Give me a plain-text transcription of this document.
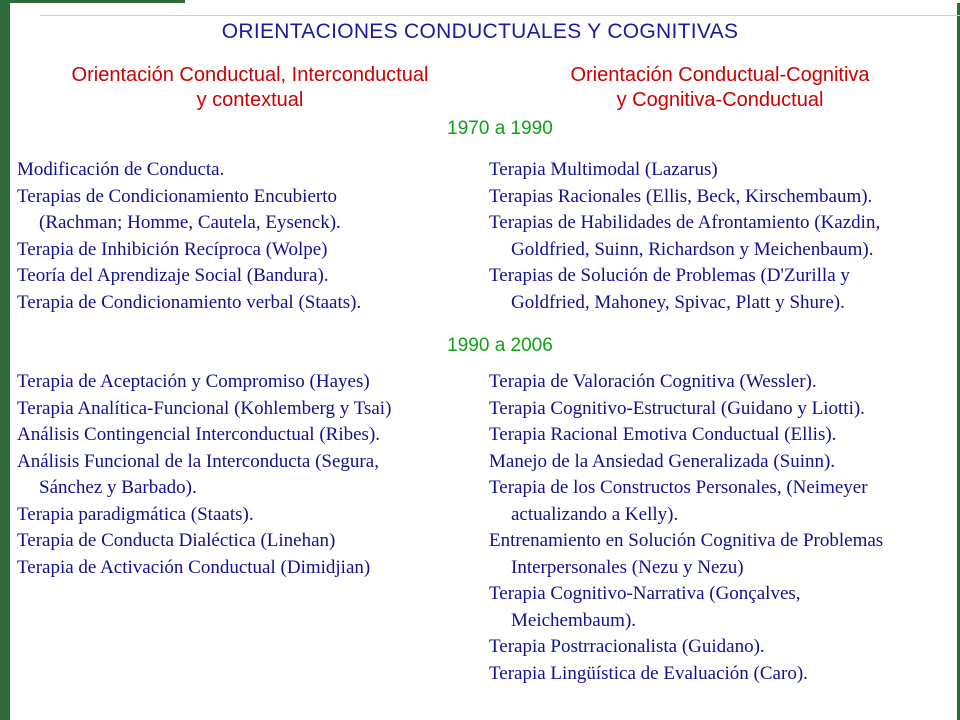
ORIENTACIONES CONDUCTUALES Y COGNITIVAS
Orientación Conductual, Interconductual
y contextual
Orientación Conductual-Cognitiva
y Cognitiva-Conductual
1970 a 1990
1990 a 2006
Modificación de Conducta.
Terapias de Condicionamiento Encubierto
(Rachman; Homme, Cautela, Eysenck).
Terapia de Inhibición Recíproca (Wolpe)
Teoría del Aprendizaje Social (Bandura).
Terapia de Condicionamiento verbal (Staats).
Terapia Multimodal (Lazarus)
Terapias Racionales (Ellis, Beck, Kirschembaum).
Terapias de Habilidades de Afrontamiento (Kazdin,
Goldfried, Suinn, Richardson y Meichenbaum).
Terapias de Solución de Problemas (D'Zurilla y
Goldfried, Mahoney, Spivac, Platt y Shure).
Terapia de Aceptación y Compromiso (Hayes)
Terapia Analítica-Funcional (Kohlemberg y Tsai)
Análisis Contingencial Interconductual (Ribes).
Análisis Funcional de la Interconducta (Segura,
Sánchez y Barbado).
Terapia paradigmática (Staats).
Terapia de Conducta Dialéctica (Linehan)
Terapia de Activación Conductual (Dimidjian)
Terapia de Valoración Cognitiva (Wessler).
Terapia Cognitivo-Estructural (Guidano y Liotti).
Terapia Racional Emotiva Conductual (Ellis).
Manejo de la Ansiedad Generalizada (Suinn).
Terapia de los Constructos Personales, (Neimeyer
actualizando a Kelly).
Entrenamiento en Solución Cognitiva de Problemas
Interpersonales (Nezu y Nezu)
Terapia Cognitivo-Narrativa (Gonçalves,
Meichembaum).
Terapia Postrracionalista (Guidano).
Terapia Lingüística de Evaluación (Caro).
